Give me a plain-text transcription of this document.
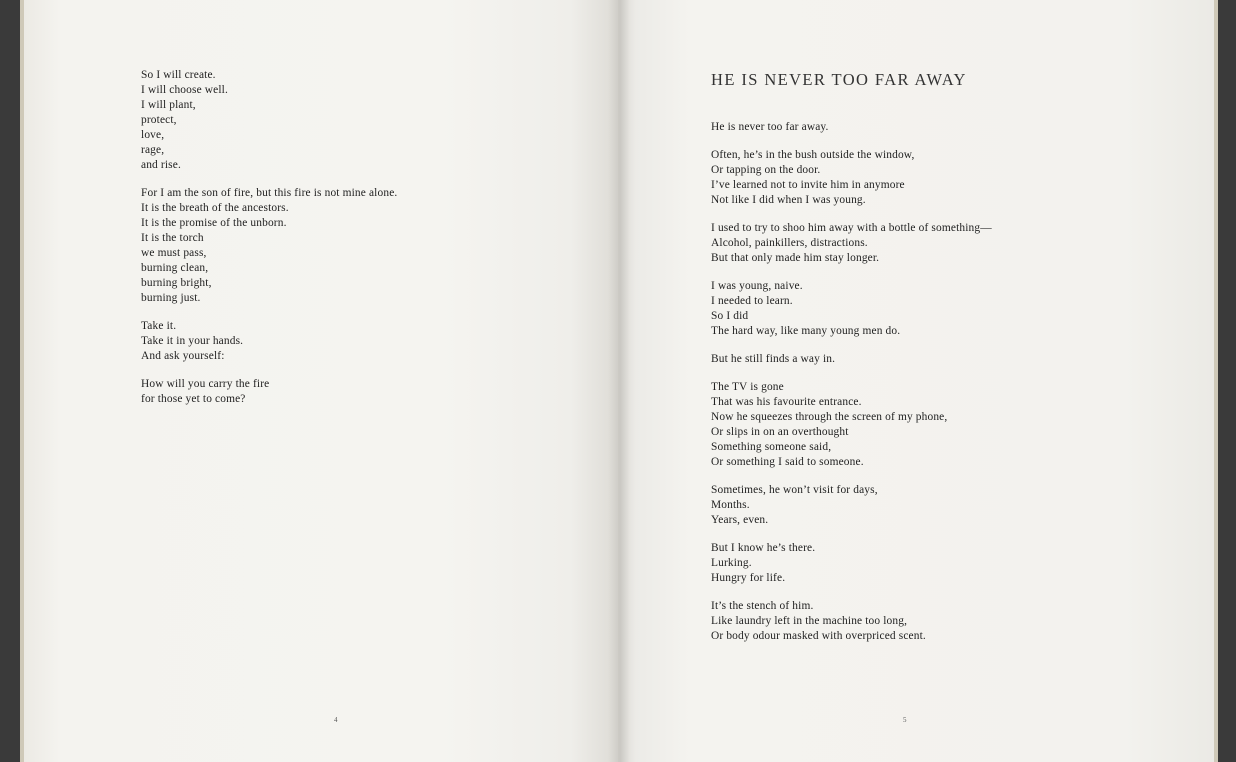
So I will create.
I will choose well.
I will plant,
protect,
love,
rage,
and rise.
For I am the son of fire, but this fire is not mine alone.
It is the breath of the ancestors.
It is the promise of the unborn.
It is the torch
we must pass,
burning clean,
burning bright,
burning just.
Take it.
Take it in your hands.
And ask yourself:
How will you carry the fire
for those yet to come?
4
HE IS NEVER TOO FAR AWAY
He is never too far away.
Often, he’s in the bush outside the window,
Or tapping on the door.
I’ve learned not to invite him in anymore
Not like I did when I was young.
I used to try to shoo him away with a bottle of something—
Alcohol, painkillers, distractions.
But that only made him stay longer.
I was young, naive.
I needed to learn.
So I did
The hard way, like many young men do.
But he still finds a way in.
The TV is gone
That was his favourite entrance.
Now he squeezes through the screen of my phone,
Or slips in on an overthought
Something someone said,
Or something I said to someone.
Sometimes, he won’t visit for days,
Months.
Years, even.
But I know he’s there.
Lurking.
Hungry for life.
It’s the stench of him.
Like laundry left in the machine too long,
Or body odour masked with overpriced scent.
5
